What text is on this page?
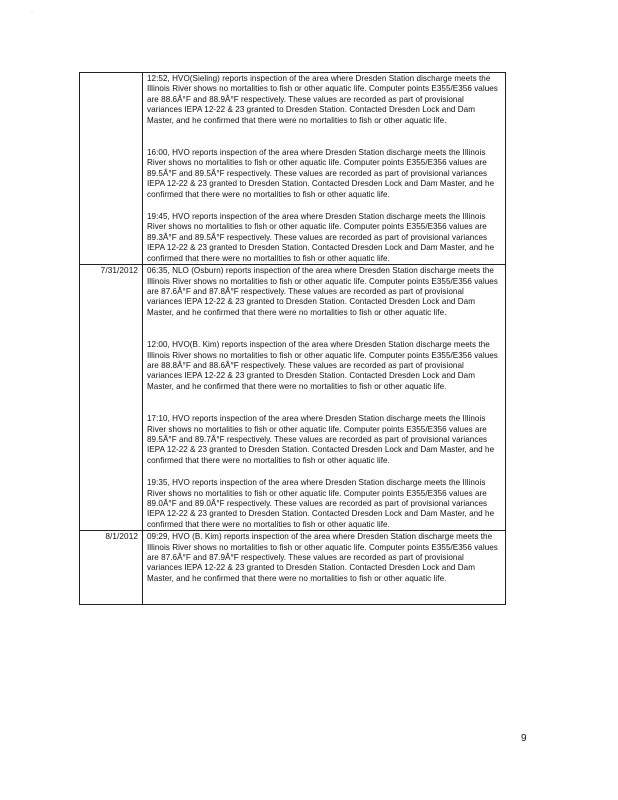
·

12:52, HVO(Sieling) reports inspection of the area where Dresden Station discharge meets the Illinois River shows no mortalities to fish or other aquatic life. Computer points E355/E356 values are 88.6Â°F and 88.9Â°F respectively. These values are recorded as part of provisional variances IEPA 12-22 & 23 granted to Dresden Station. Contacted Dresden Lock and Dam Master, and he confirmed that there were no mortalities to fish or other aquatic life.

16:00, HVO reports inspection of the area where Dresden Station discharge meets the Illinois River shows no mortalities to fish or other aquatic life. Computer points E355/E356 values are 89.5Â°F and 89.5Â°F respectively. These values are recorded as part of provisional variances IEPA 12-22 & 23 granted to Dresden Station. Contacted Dresden Lock and Dam Master, and he confirmed that there were no mortalities to fish or other aquatic life.

19:45, HVO reports inspection of the area where Dresden Station discharge meets the Illinois River shows no mortalities to fish or other aquatic life. Computer points E355/E356 values are 89.3Â°F and 89.5Â°F respectively. These values are recorded as part of provisional variances IEPA 12-22 & 23 granted to Dresden Station. Contacted Dresden Lock and Dam Master, and he confirmed that there were no mortalities to fish or other aquatic life.

7/31/2012	06:35, NLO (Osburn) reports inspection of the area where Dresden Station discharge meets the Illinois River shows no mortalities to fish or other aquatic life. Computer points E355/E356 values are 87.6Â°F and 87.8Â°F respectively. These values are recorded as part of provisional variances IEPA 12-22 & 23 granted to Dresden Station. Contacted Dresden Lock and Dam Master, and he confirmed that there were no mortalities to fish or other aquatic life.

12:00, HVO(B. Kim) reports inspection of the area where Dresden Station discharge meets the Illinois River shows no mortalities to fish or other aquatic life. Computer points E355/E356 values are 88.8Â°F and 88.6Â°F respectively. These values are recorded as part of provisional variances IEPA 12-22 & 23 granted to Dresden Station. Contacted Dresden Lock and Dam Master, and he confirmed that there were no mortalities to fish or other aquatic life.

17:10, HVO reports inspection of the area where Dresden Station discharge meets the Illinois River shows no mortalities to fish or other aquatic life. Computer points E355/E356 values are 89.5Â°F and 89.7Â°F respectively. These values are recorded as part of provisional variances IEPA 12-22 & 23 granted to Dresden Station. Contacted Dresden Lock and Dam Master, and he confirmed that there were no mortalities to fish or other aquatic life.

19:35, HVO reports inspection of the area where Dresden Station discharge meets the Illinois River shows no mortalities to fish or other aquatic life. Computer points E355/E356 values are 89.0Â°F and 89.0Â°F respectively. These values are recorded as part of provisional variances IEPA 12-22 & 23 granted to Dresden Station. Contacted Dresden Lock and Dam Master, and he confirmed that there were no mortalities to fish or other aquatic life.

8/1/2012	09:29, HVO (B. Kim) reports inspection of the area where Dresden Station discharge meets the Illinois River shows no mortalities to fish or other aquatic life. Computer points E355/E356 values are 87.6Â°F and 87.9Â°F respectively. These values are recorded as part of provisional variances IEPA 12-22 & 23 granted to Dresden Station. Contacted Dresden Lock and Dam Master, and he confirmed that there were no mortalities to fish or other aquatic life.

9
